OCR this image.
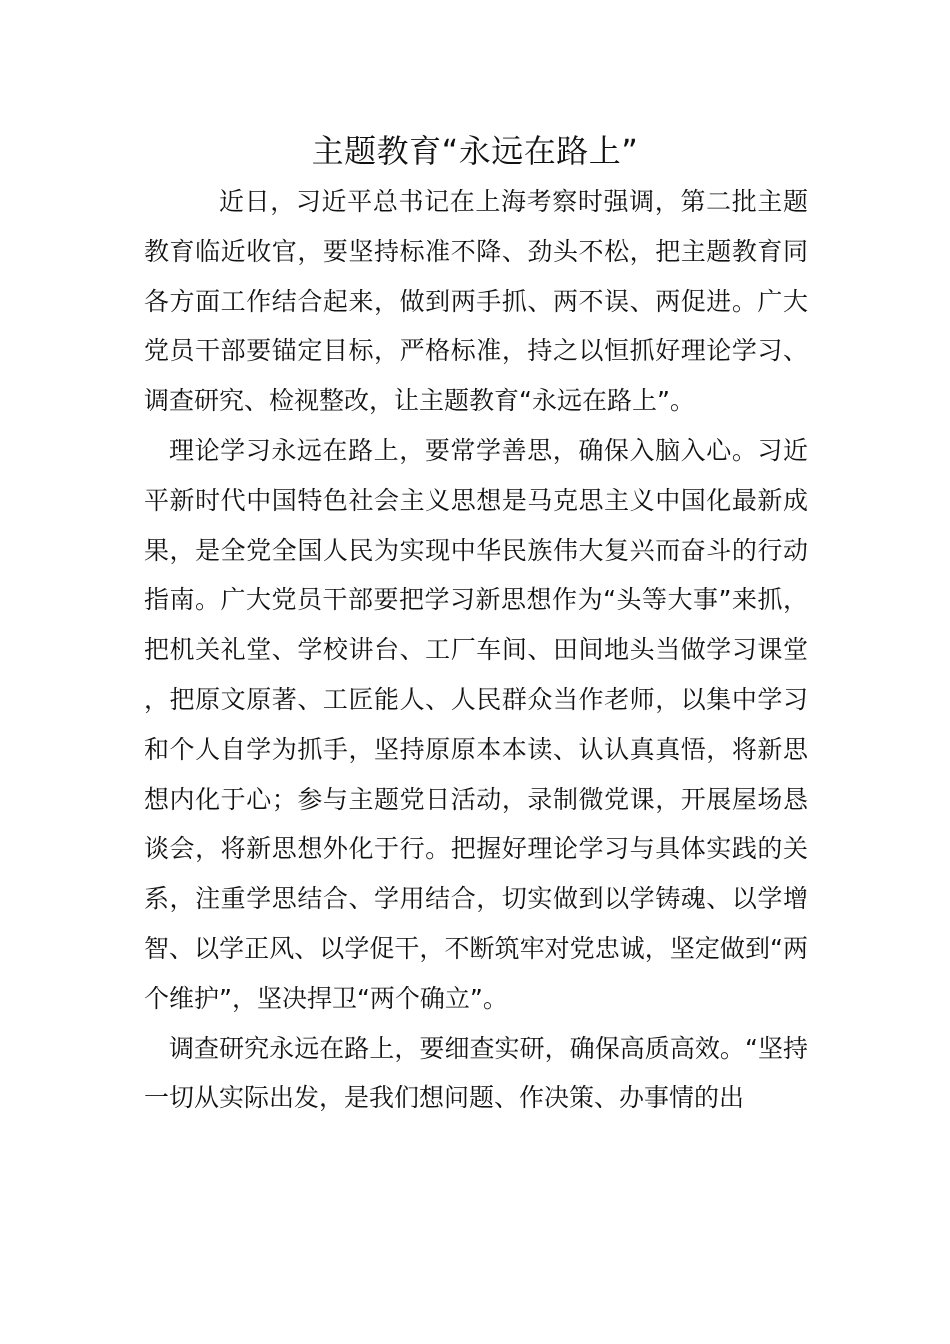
主题教育“永远在路上”

近日，习近平总书记在上海考察时强调，第二批主题教育临近收官，要坚持标准不降、劲头不松，把主题教育同各方面工作结合起来，做到两手抓、两不误、两促进。广大党员干部要锚定目标，严格标准，持之以恒抓好理论学习、调查研究、检视整改，让主题教育“永远在路上”。

理论学习永远在路上，要常学善思，确保入脑入心。习近平新时代中国特色社会主义思想是马克思主义中国化最新成果，是全党全国人民为实现中华民族伟大复兴而奋斗的行动指南。广大党员干部要把学习新思想作为“头等大事”来抓，把机关礼堂、学校讲台、工厂车间、田间地头当做学习课堂，把原文原著、工匠能人、人民群众当作老师，以集中学习和个人自学为抓手，坚持原原本本读、认认真真悟，将新思想内化于心；参与主题党日活动，录制微党课，开展屋场恳谈会，将新思想外化于行。把握好理论学习与具体实践的关系，注重学思结合、学用结合，切实做到以学铸魂、以学增智、以学正风、以学促干，不断筑牢对党忠诚，坚定做到“两个维护”，坚决捍卫“两个确立”。

调查研究永远在路上，要细查实研，确保高质高效。“坚持一切从实际出发，是我们想问题、作决策、办事情的出
